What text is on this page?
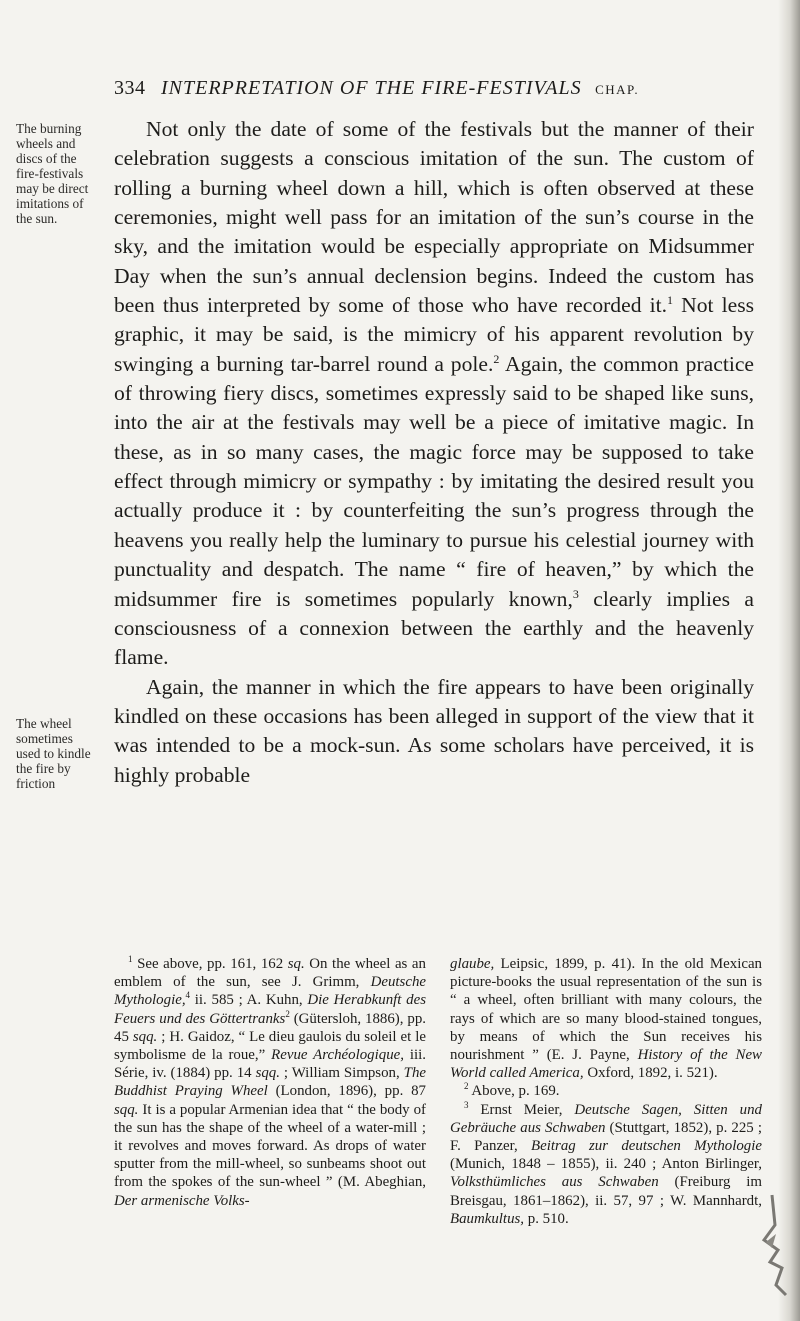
334 INTERPRETATION OF THE FIRE-FESTIVALS CHAP.
The burning wheels and discs of the fire-festivals may be direct imitations of the sun.
The wheel sometimes used to kindle the fire by friction

Not only the date of some of the festivals but the manner of their celebration suggests a conscious imitation of the sun. The custom of rolling a burning wheel down a hill, which is often observed at these ceremonies, might well pass for an imitation of the sun’s course in the sky, and the imitation would be especially appropriate on Midsummer Day when the sun’s annual declension begins. Indeed the custom has been thus interpreted by some of those who have recorded it.$^1$ Not less graphic, it may be said, is the mimicry of his apparent revolution by swinging a burning tar-barrel round a pole.$^2$ Again, the common practice of throwing fiery discs, sometimes expressly said to be shaped like suns, into the air at the festivals may well be a piece of imitative magic. In these, as in so many cases, the magic force may be supposed to take effect through mimicry or sympathy : by imitating the desired result you actually produce it : by counterfeiting the sun’s progress through the heavens you really help the luminary to pursue his celestial journey with punctuality and despatch. The name “ fire of heaven,” by which the midsummer fire is sometimes popularly known,$^3$ clearly implies a consciousness of a connexion between the earthly and the heavenly flame.

Again, the manner in which the fire appears to have been originally kindled on these occasions has been alleged in support of the view that it was intended to be a mock-sun. As some scholars have perceived, it is highly probable

$^1$ See above, pp. 161, 162 sq. On the wheel as an emblem of the sun, see J. Grimm, Deutsche Mythologie,$^4$ ii. 585 ; A. Kuhn, Die Herabkunft des Feuers und des Göttertranks$^2$ (Gütersloh, 1886), pp. 45 sqq. ; H. Gaidoz, “ Le dieu gaulois du soleil et le symbolisme de la roue,” Revue Archéologique, iii. Série, iv. (1884) pp. 14 sqq. ; William Simpson, The Buddhist Praying Wheel (London, 1896), pp. 87 sqq. It is a popular Armenian idea that “ the body of the sun has the shape of the wheel of a water-mill ; it revolves and moves forward. As drops of water sputter from the mill-wheel, so sunbeams shoot out from the spokes of the sun-wheel ” (M. Abeghian, Der armenische Volks-

glaube, Leipsic, 1899, p. 41). In the old Mexican picture-books the usual representation of the sun is “ a wheel, often brilliant with many colours, the rays of which are so many blood-stained tongues, by means of which the Sun receives his nourishment ” (E. J. Payne, History of the New World called America, Oxford, 1892, i. 521).

$^2$ Above, p. 169.

$^3$ Ernst Meier, Deutsche Sagen, Sitten und Gebräuche aus Schwaben (Stuttgart, 1852), p. 225 ; F. Panzer, Beitrag zur deutschen Mythologie (Munich, 1848 – 1855), ii. 240 ; Anton Birlinger, Volksthümliches aus Schwaben (Freiburg im Breisgau, 1861–1862), ii. 57, 97 ; W. Mannhardt, Baumkultus, p. 510.
